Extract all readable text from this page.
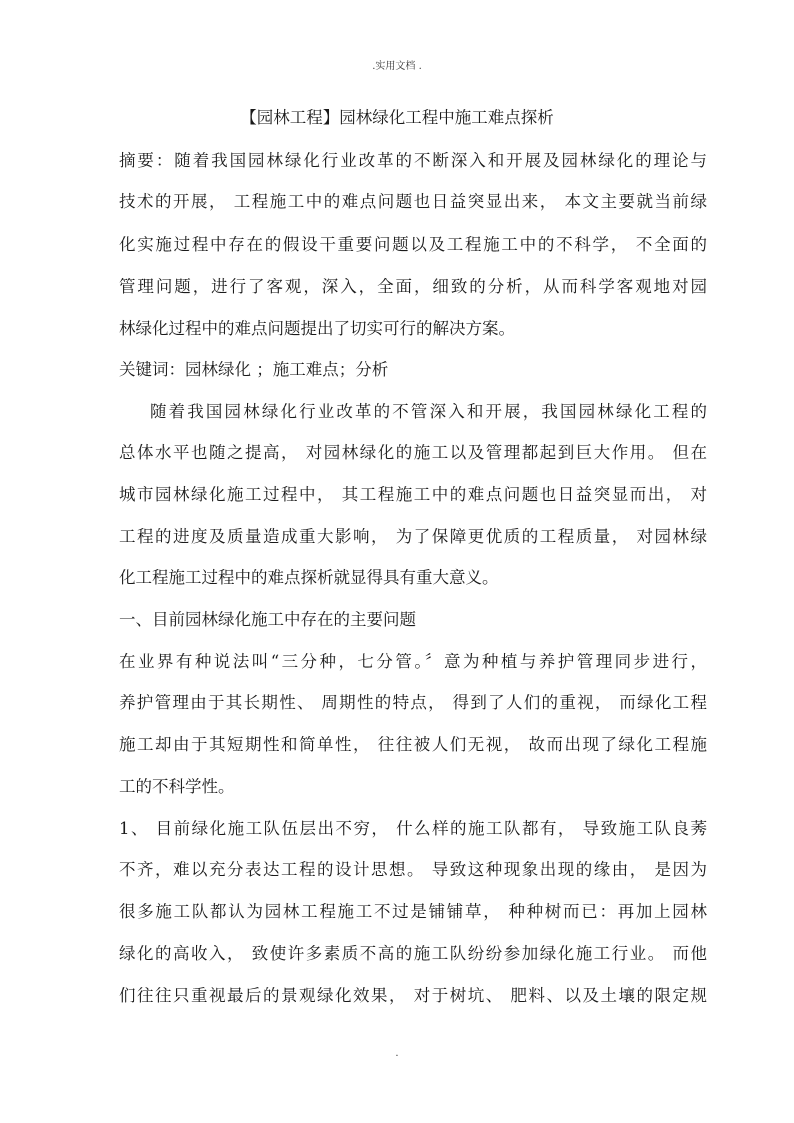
.实用文档 .
【园林工程】园林绿化工程中施工难点探析
摘要：随着我国园林绿化行业改革的不断深入和开展及园林绿化的理论与
技术的开展， 工程施工中的难点问题也日益突显出来， 本文主要就当前绿
化实施过程中存在的假设干重要问题以及工程施工中的不科学， 不全面的
管理问题，进行了客观，深入，全面，细致的分析，从而科学客观地对园
林绿化过程中的难点问题提出了切实可行的解决方案。
关键词：园林绿化 ；施工难点；分析
随着我国园林绿化行业改革的不管深入和开展，我国园林绿化工程的
总体水平也随之提高， 对园林绿化的施工以及管理都起到巨大作用。 但在
城市园林绿化施工过程中， 其工程施工中的难点问题也日益突显而出， 对
工程的进度及质量造成重大影响， 为了保障更优质的工程质量， 对园林绿
化工程施工过程中的难点探析就显得具有重大意义。
一、目前园林绿化施工中存在的主要问题
在业界有种说法叫“三分种，七分管。〞意为种植与养护管理同步进行，
养护管理由于其长期性、 周期性的特点， 得到了人们的重视， 而绿化工程
施工却由于其短期性和简单性， 往往被人们无视， 故而出现了绿化工程施
工的不科学性。
1、 目前绿化施工队伍层出不穷， 什么样的施工队都有， 导致施工队良莠
不齐，难以充分表达工程的设计思想。 导致这种现象出现的缘由， 是因为
很多施工队都认为园林工程施工不过是铺铺草， 种种树而已：再加上园林
绿化的高收入， 致使许多素质不高的施工队纷纷参加绿化施工行业。 而他
们往往只重视最后的景观绿化效果， 对于树坑、 肥料、以及土壤的限定规
.
